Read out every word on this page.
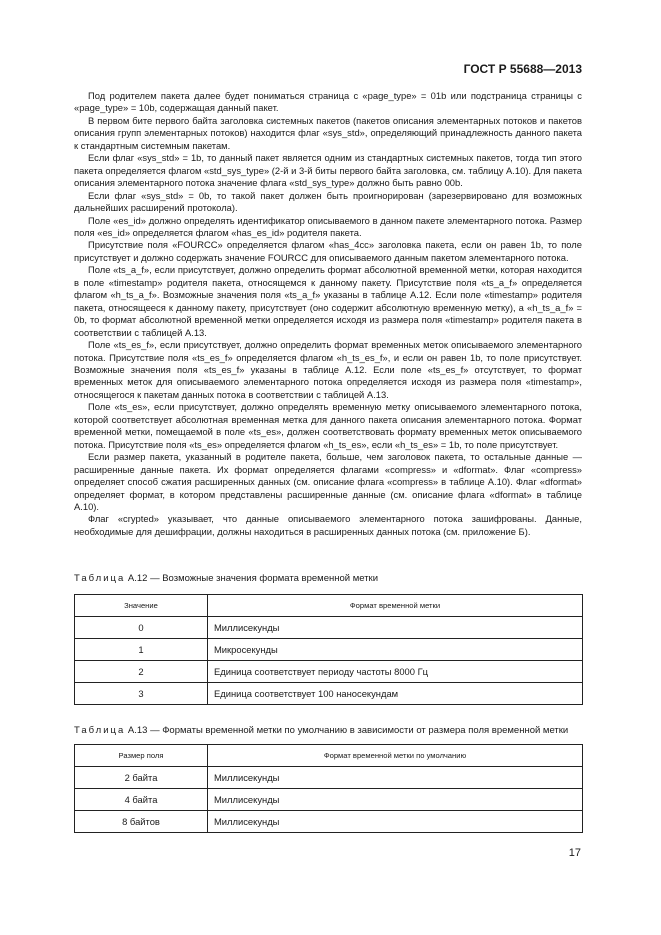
ГОСТ Р 55688—2013

Под родителем пакета далее будет пониматься страница с «page_type» = 01b или подстраница страницы с «page_type» = 10b, содержащая данный пакет.

В первом бите первого байта заголовка системных пакетов (пакетов описания элементарных потоков и пакетов описания групп элементарных потоков) находится флаг «sys_std», определяющий принадлежность данного пакета к стандартным системным пакетам.

Если флаг «sys_std» = 1b, то данный пакет является одним из стандартных системных пакетов, тогда тип этого пакета определяется флагом «std_sys_type» (2-й и 3-й биты первого байта заголовка, см. таблицу А.10). Для пакета описания элементарного потока значение флага «std_sys_type» должно быть равно 00b.

Если флаг «sys_std» = 0b, то такой пакет должен быть проигнорирован (зарезервировано для возможных дальнейших расширений протокола).

Поле «es_id» должно определять идентификатор описываемого в данном пакете элементарного потока. Размер поля «es_id» определяется флагом «has_es_id» родителя пакета.

Присутствие поля «FOURCC» определяется флагом «has_4cc» заголовка пакета, если он равен 1b, то поле присутствует и должно содержать значение FOURCC для описываемого данным пакетом элементарного потока.

Поле «ts_a_f», если присутствует, должно определить формат абсолютной временной метки, которая находится в поле «timestamp» родителя пакета, относящемся к данному пакету. Присутствие поля «ts_a_f» определяется флагом «h_ts_a_f». Возможные значения поля «ts_a_f» указаны в таблице А.12. Если поле «timestamp» родителя пакета, относящееся к данному пакету, присутствует (оно содержит абсолютную временную метку), а «h_ts_a_f» = 0b, то формат абсолютной временной метки определяется исходя из размера поля «timestamp» родителя пакета в соответствии с таблицей А.13.

Поле «ts_es_f», если присутствует, должно определить формат временных меток описываемого элементарного потока. Присутствие поля «ts_es_f» определяется флагом «h_ts_es_f», и если он равен 1b, то поле присутствует. Возможные значения поля «ts_es_f» указаны в таблице А.12. Если поле «ts_es_f» отсутствует, то формат временных меток для описываемого элементарного потока определяется исходя из размера поля «timestamp», относящегося к пакетам данных потока в соответствии с таблицей А.13.

Поле «ts_es», если присутствует, должно определять временную метку описываемого элементарного потока, которой соответствует абсолютная временная метка для данного пакета описания элементарного потока. Формат временной метки, помещаемой в поле «ts_es», должен соответствовать формату временных меток описываемого потока. Присутствие поля «ts_es» определяется флагом «h_ts_es», если «h_ts_es» = 1b, то поле присутствует.

Если размер пакета, указанный в родителе пакета, больше, чем заголовок пакета, то остальные данные — расширенные данные пакета. Их формат определяется флагами «compress» и «dformat». Флаг «compress» определяет способ сжатия расширенных данных (см. описание флага «compress» в таблице А.10). Флаг «dformat» определяет формат, в котором представлены расширенные данные (см. описание флага «dformat» в таблице А.10).

Флаг «crypted» указывает, что данные описываемого элементарного потока зашифрованы. Данные, необходимые для дешифрации, должны находиться в расширенных данных потока (см. приложение Б).

Таблица А.12 — Возможные значения формата временной метки
Значение	Формат временной метки
0	Миллисекунды
1	Микросекунды
2	Единица соответствует периоду частоты 8000 Гц
3	Единица соответствует 100 наносекундам
Таблица А.13 — Форматы временной метки по умолчанию в зависимости от размера поля временной метки
Размер поля	Формат временной метки по умолчанию
2 байта	Миллисекунды
4 байта	Миллисекунды
8 байтов	Миллисекунды
17
